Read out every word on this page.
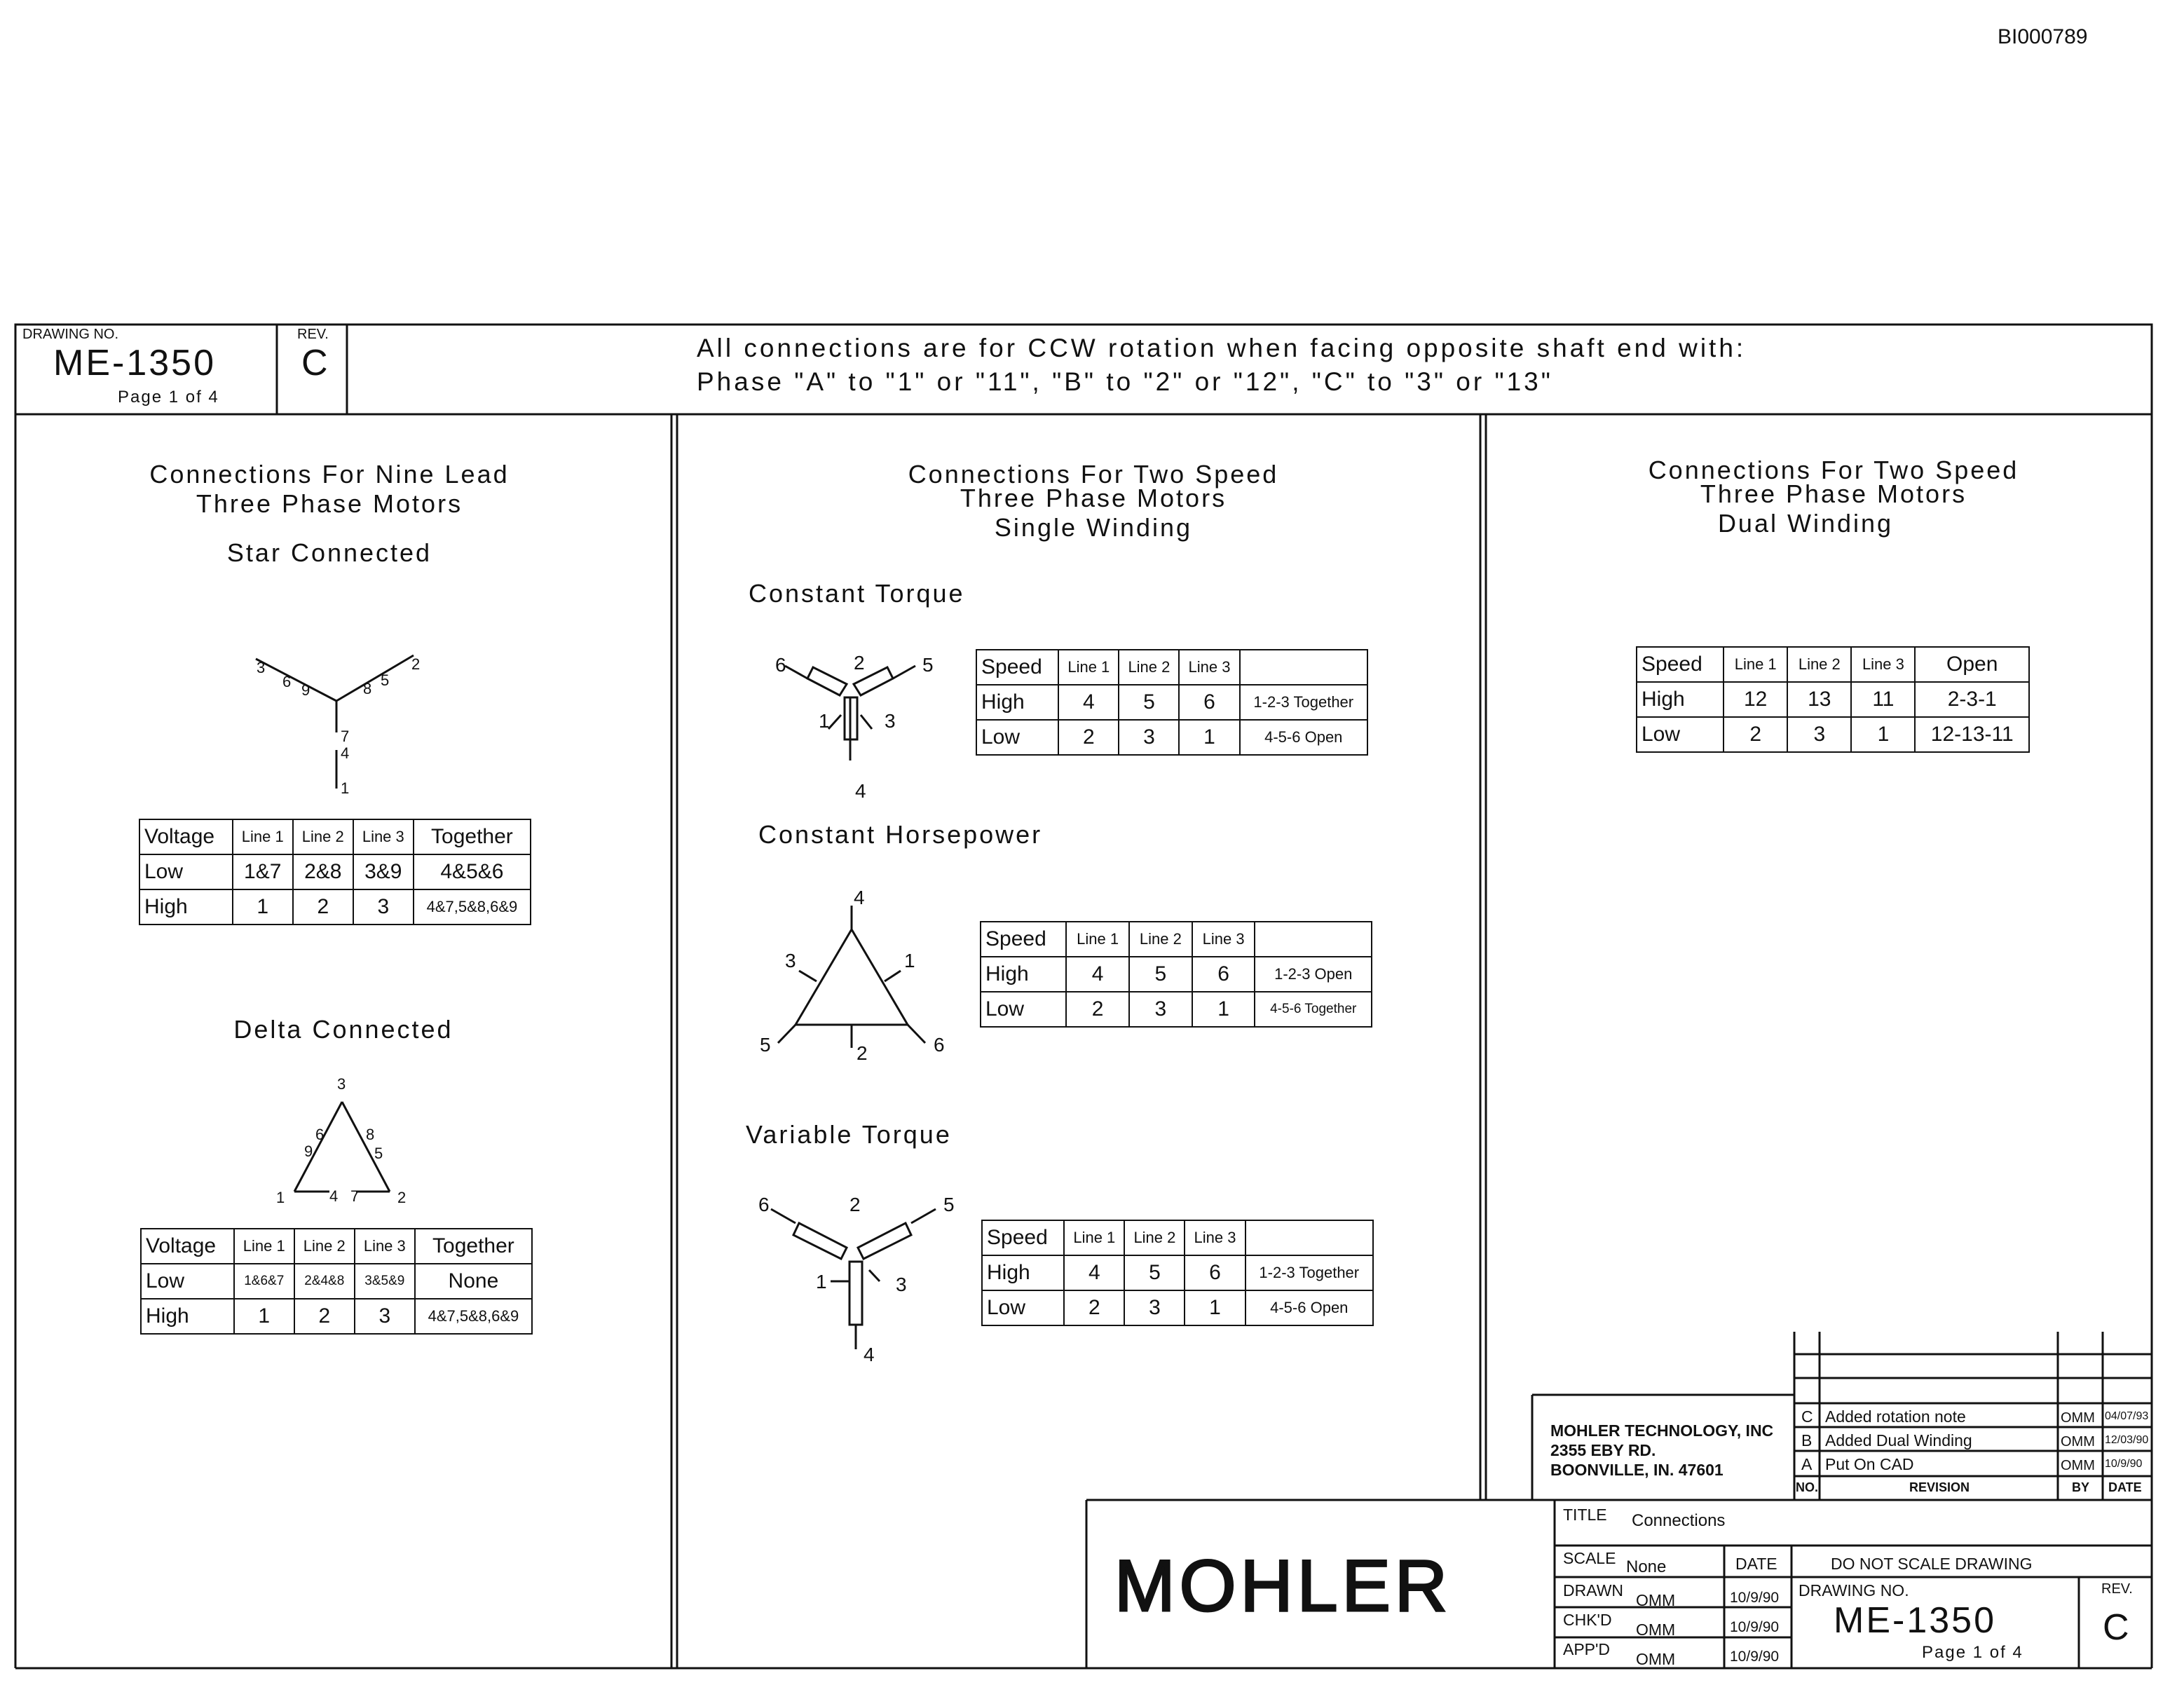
3
6 9	8 5
2
7
4
1
3
6	8
9	5
1	4 7 2
6	2	5
1	3
4
4
3	1
5	2	6
6	2	5
1	3
4
MOHLER
BI000789
DRAWING NO.
ME-1350
Page 1 of 4
REV.
C	All connections are for CCW rotation when facing opposite shaft end with:
Phase "A" to "1" or "11", "B" to "2" or "12", "C" to "3" or "13"
Connections For Nine Lead
Three Phase Motors
Star Connected
Voltage	Line 1	Line 2	Line 3	Together
Low	1&7	2&8	3&9	4&5&6
High	1	2	3	4&7,5&8,6&9
Delta Connected
Voltage	Line 1	Line 2	Line 3	Together
Low	1&6&7	2&4&8	3&5&9	None
High	1	2	3	4&7,5&8,6&9
Connections For Two Speed
Three Phase Motors
Single Winding
Constant Torque
Speed	Line 1	Line 2	Line 3	
High	4	5	6	1-2-3 Together
Low	2	3	1	4-5-6 Open
Constant Horsepower
Speed	Line 1	Line 2	Line 3	
High	4	5	6	1-2-3 Open
Low	2	3	1	4-5-6 Together
Variable Torque
Speed	Line 1	Line 2	Line 3	
High	4	5	6	1-2-3 Together
Low	2	3	1	4-5-6 Open
Connections For Two Speed
Three Phase Motors
Dual Winding
Speed	Line 1	Line 2	Line 3	Open
High	12	13	11	2-3-1
Low	2	3	1	12-13-11
MOHLER TECHNOLOGY, INC
2355 EBY RD.
BOONVILLE, IN. 47601
C Added rotation note	OMM 04/07/93
B Added Dual Winding	OMM 12/03/90
A Put On CAD	OMM 10/9/90
NO.	REVISION	BY DATE
TITLE Connections
SCALE None	DATE	DO NOT SCALE DRAWING
DRAWN
OMM	10/9/90
CHK'D
OMM	10/9/90
APP'D
OMM	10/9/90
DRAWING NO.
ME-1350
Page 1 of 4
REV.
C
